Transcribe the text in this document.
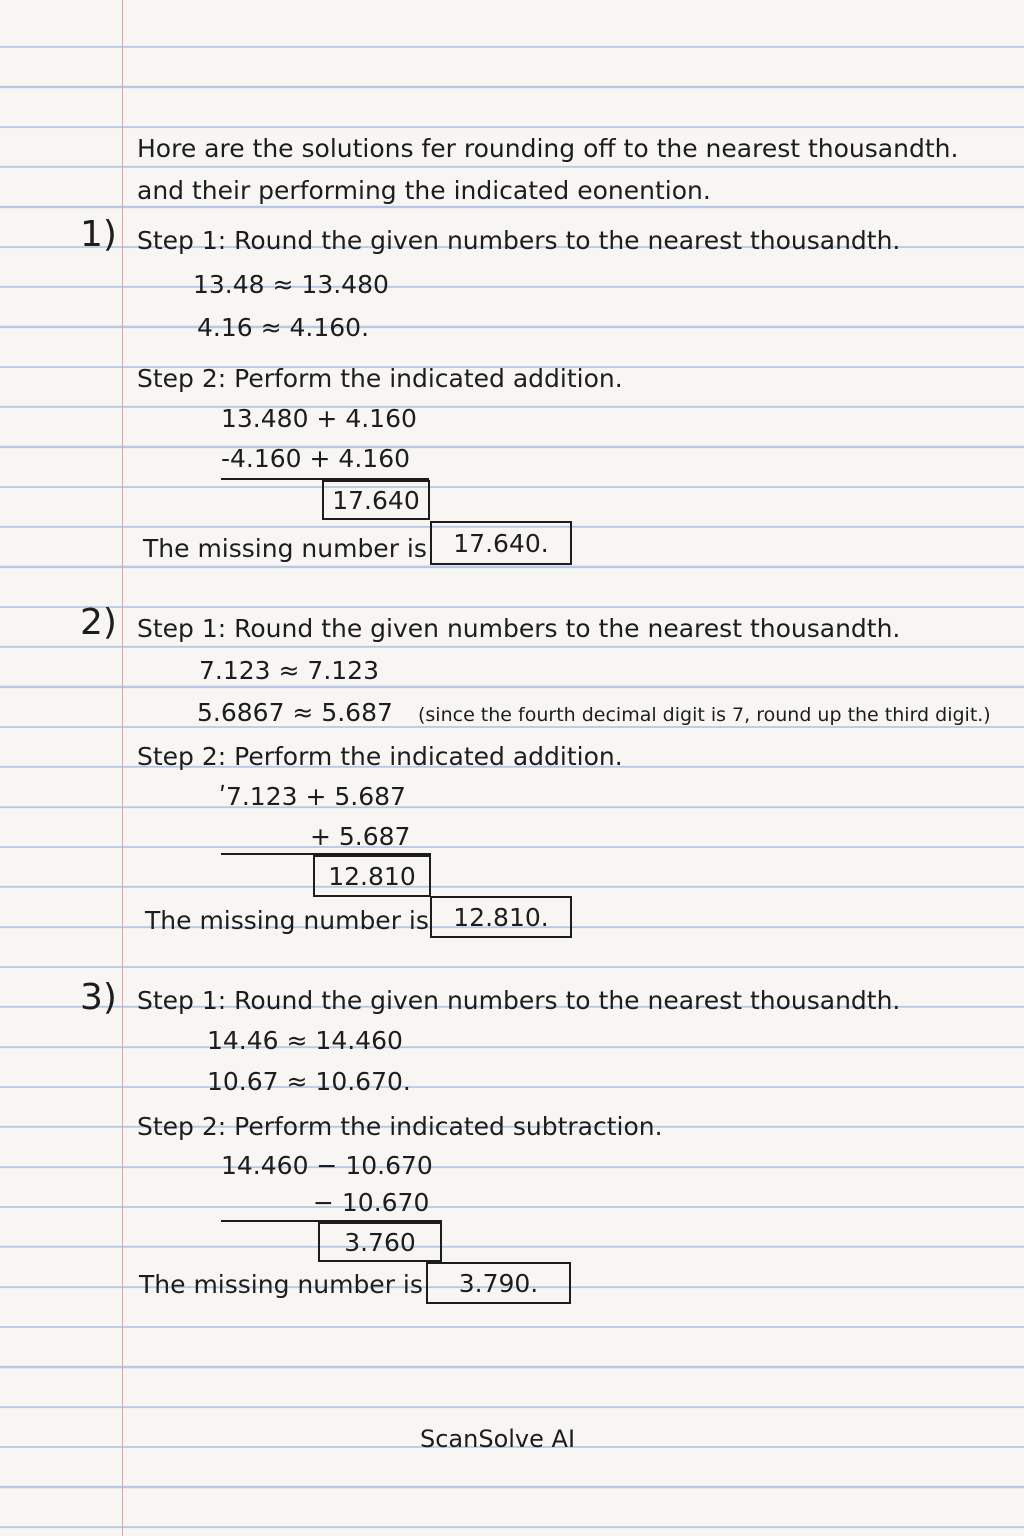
Hore are the solutions fer rounding off to the nearest thousandth.
and their performing the indicated eonention.
1) Step 1: Round the given numbers to the nearest thousandth.
13.48 ≈ 13.480
4.16 ≈ 4.160.
Step 2: Perform the indicated addition.
13.480 + 4.160
-4.160 + 4.160
17.640
The missing number is	17.640.
2) Step 1: Round the given numbers to the nearest thousandth.
7.123 ≈ 7.123
5.6867 ≈ 5.687 (since the fourth decimal digit is 7, round up the third digit.)
Step 2: Perform the indicated addition.
ʹ7.123 + 5.687
+ 5.687
12.810
The missing number is 12.810.
3) Step 1: Round the given numbers to the nearest thousandth.
14.46 ≈ 14.460
10.67 ≈ 10.670.
Step 2: Perform the indicated subtraction.
14.460 − 10.670
− 10.670
3.760
The missing number is	3.790.
ScanSolve AI
